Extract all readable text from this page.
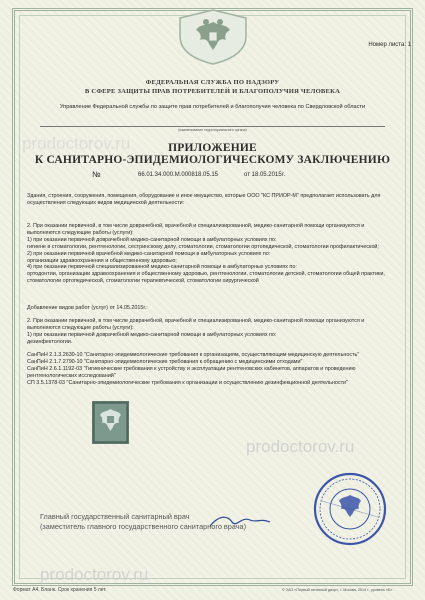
Номер листа: 1
ФЕДЕРАЛЬНАЯ СЛУЖБА ПО НАДЗОРУ
В СФЕРЕ ЗАЩИТЫ ПРАВ ПОТРЕБИТЕЛЕЙ И БЛАГОПОЛУЧИЯ ЧЕЛОВЕКА
Управление Федеральной службы по защите прав потребителей и благополучия человека по Свердловской области
(наименование территориального органа)
prodoctorov.ru	ПРИЛОЖЕНИЕ
К САНИТАРНО-ЭПИДЕМИОЛОГИЧЕСКОМУ ЗАКЛЮЧЕНИЮ
№	66.01.34.000.М.000818.05.15	от 18.05.2015 г.
Здания, строения, сооружения, помещения, оборудование и иное имущество, которые ООО "КС ПРИОР-М" предполагает использовать для осуществления следующих видов медицинской деятельности:

2. При оказании первичной, в том числе доврачебной, врачебной и специализированной, медико-санитарной помощи организуются и выполняются следующие работы (услуги):

1) при оказании первичной доврачебной медико-санитарной помощи в амбулаторных условиях по:

гигиене в стоматологии, рентгенологии, сестринскому делу, стоматологии, стоматологии ортопедической, стоматологии профилактической;

2) при оказании первичной врачебной медико-санитарной помощи в амбулаторных условиях по:

организации здравоохранения и общественному здоровью;

4) при оказании первичной специализированной медико-санитарной помощи в амбулаторных условиях по:

ортодонтии, организации здравоохранения и общественному здоровью, рентгенологии, стоматологии детской, стоматологии общей практики, стоматологии ортопедической, стоматологии терапевтической, стоматологии хирургической

Добавление видов работ (услуг) от 14.05.2015г.:

2. При оказании первичной, в том числе доврачебной, врачебной и специализированной, медико-санитарной помощи организуются и выполняются следующие работы (услуги):

1) при оказании первичной доврачебной медико-санитарной помощи в амбулаторных условиях по:

дезинфектологии.

СанПиН 2.1.3.2630-10 "Санитарно-эпидемиологические требования к организациям, осуществляющим медицинскую деятельность"

СанПиН 2.1.7.2790-10 "Санитарно-эпидемиологические требования к обращению с медицинскими отходами"

СанПиН 2.6.1.1192-03 "Гигиенические требования к устройству и эксплуатации рентгеновских кабинетов, аппаратов и проведению рентгенологических исследований"

СП 3.5.1378-03 "Санитарно-эпидемиологические требования к организации и осуществлению дезинфекционной деятельности"

prodoctorov.ru
Главный государственный санитарный врач
(заместитель главного государственного санитарного врача)
prodoctorov.ru
Формат А4. Бланк. Срок хранения 5 лет.	© ЗАО «Первый печатный двор», г. Москва, 2014 г., уровень «Б»
